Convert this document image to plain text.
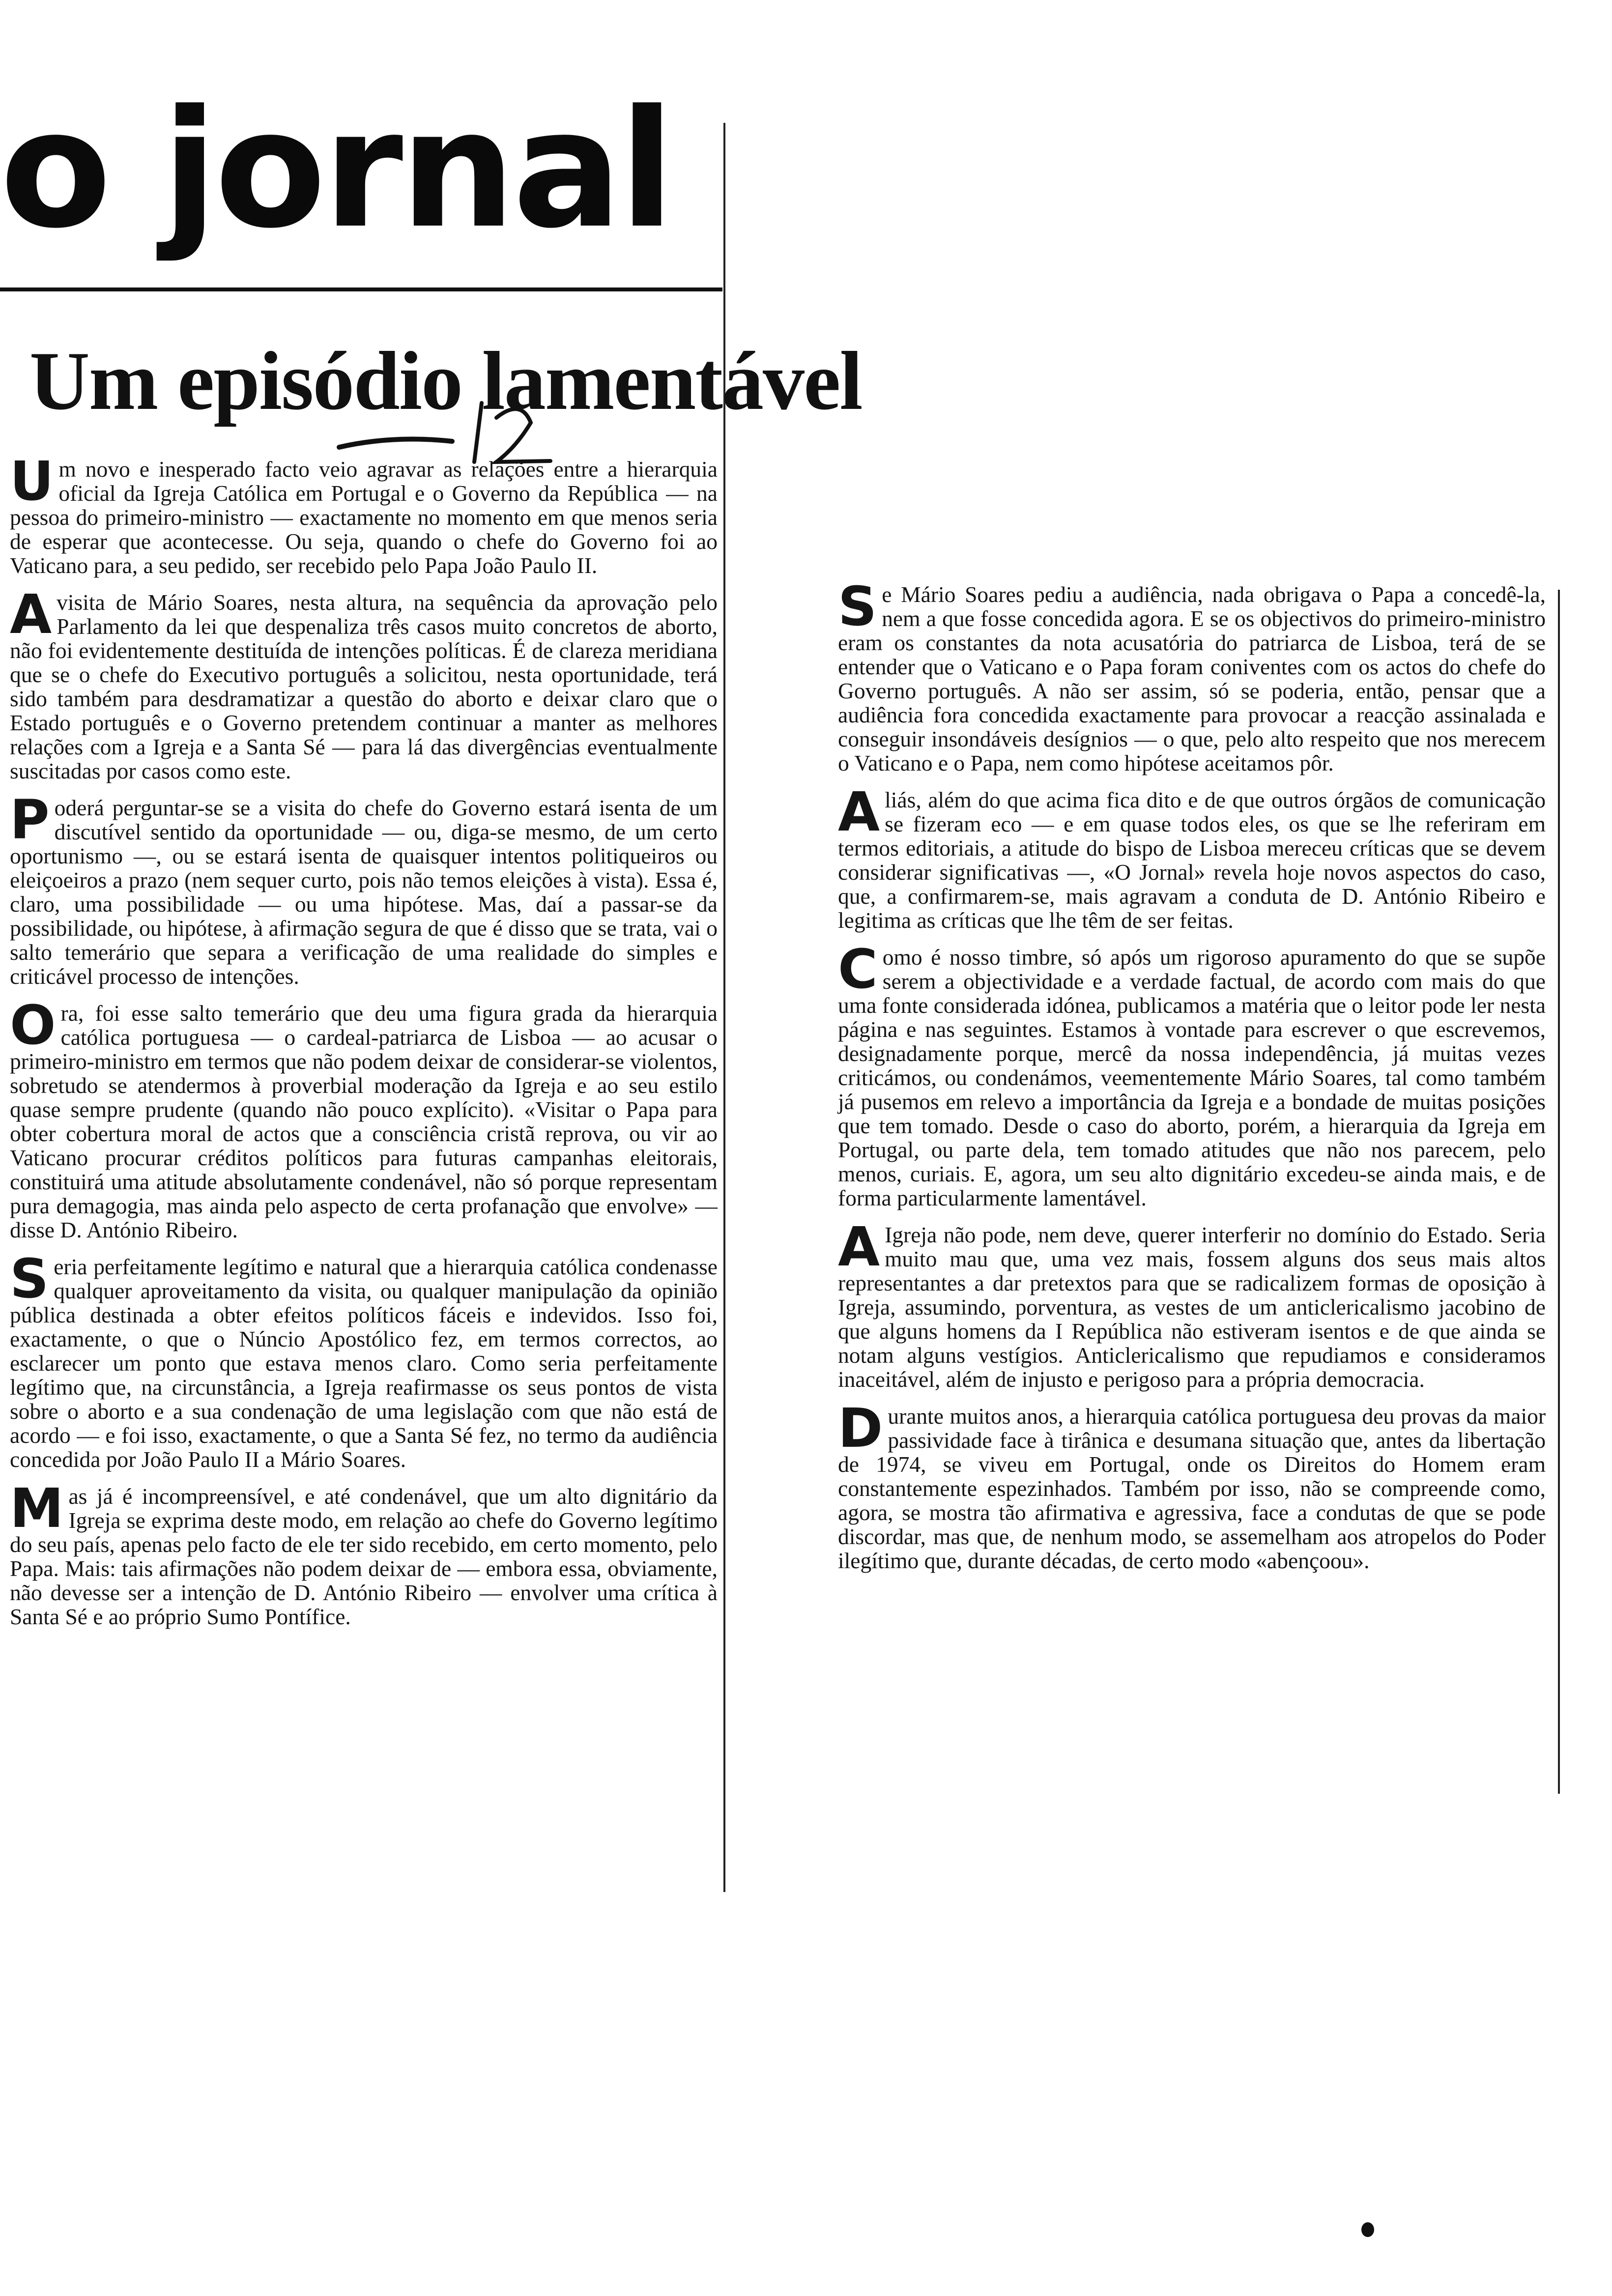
o jornal
Um episódio lamentável

Um novo e inesperado facto veio agravar as relações entre a hierarquia oficial da Igreja Católica em Portugal e o Governo da República — na pessoa do primeiro-ministro — exactamente no momento em que menos seria de esperar que acontecesse. Ou seja, quando o chefe do Governo foi ao Vaticano para, a seu pedido, ser recebido pelo Papa João Paulo II.

A visita de Mário Soares, nesta altura, na sequência da aprovação pelo Parlamento da lei que despenaliza três casos muito concretos de aborto, não foi evidentemente destituída de intenções políticas. É de clareza meridiana que se o chefe do Executivo português a solicitou, nesta oportunidade, terá sido também para desdramatizar a questão do aborto e deixar claro que o Estado português e o Governo pretendem continuar a manter as melhores relações com a Igreja e a Santa Sé — para lá das divergências eventualmente suscitadas por casos como este.

Poderá perguntar-se se a visita do chefe do Governo estará isenta de um discutível sentido da oportunidade — ou, diga-se mesmo, de um certo oportunismo —, ou se estará isenta de quaisquer intentos politiqueiros ou eleiçoeiros a prazo (nem sequer curto, pois não temos eleições à vista). Essa é, claro, uma possibilidade — ou uma hipótese. Mas, daí a passar-se da possibilidade, ou hipótese, à afirmação segura de que é disso que se trata, vai o salto temerário que separa a verificação de uma realidade do simples e criticável processo de intenções.

Ora, foi esse salto temerário que deu uma figura grada da hierarquia católica portuguesa — o cardeal-patriarca de Lisboa — ao acusar o primeiro-ministro em termos que não podem deixar de considerar-se violentos, sobretudo se atendermos à proverbial moderação da Igreja e ao seu estilo quase sempre prudente (quando não pouco explícito). «Visitar o Papa para obter cobertura moral de actos que a consciência cristã reprova, ou vir ao Vaticano procurar créditos políticos para futuras campanhas eleitorais, constituirá uma atitude absolutamente condenável, não só porque representam pura demagogia, mas ainda pelo aspecto de certa profanação que envolve» — disse D. António Ribeiro.

Seria perfeitamente legítimo e natural que a hierarquia católica condenasse qualquer aproveitamento da visita, ou qualquer manipulação da opinião pública destinada a obter efeitos políticos fáceis e indevidos. Isso foi, exactamente, o que o Núncio Apostólico fez, em termos correctos, ao esclarecer um ponto que estava menos claro. Como seria perfeitamente legítimo que, na circunstância, a Igreja reafirmasse os seus pontos de vista sobre o aborto e a sua condenação de uma legislação com que não está de acordo — e foi isso, exactamente, o que a Santa Sé fez, no termo da audiência concedida por João Paulo II a Mário Soares.

Mas já é incompreensível, e até condenável, que um alto dignitário da Igreja se exprima deste modo, em relação ao chefe do Governo legítimo do seu país, apenas pelo facto de ele ter sido recebido, em certo momento, pelo Papa. Mais: tais afirmações não podem deixar de — embora essa, obviamente, não devesse ser a intenção de D. António Ribeiro — envolver uma crítica à Santa Sé e ao próprio Sumo Pontífice.

Se Mário Soares pediu a audiência, nada obrigava o Papa a concedê-la, nem a que fosse concedida agora. E se os objectivos do primeiro-ministro eram os constantes da nota acusatória do patriarca de Lisboa, terá de se entender que o Vaticano e o Papa foram coniventes com os actos do chefe do Governo português. A não ser assim, só se poderia, então, pensar que a audiência fora concedida exactamente para provocar a reacção assinalada e conseguir insondáveis desígnios — o que, pelo alto respeito que nos merecem o Vaticano e o Papa, nem como hipótese aceitamos pôr.

Aliás, além do que acima fica dito e de que outros órgãos de comunicação se fizeram eco — e em quase todos eles, os que se lhe referiram em termos editoriais, a atitude do bispo de Lisboa mereceu críticas que se devem considerar significativas —, «O Jornal» revela hoje novos aspectos do caso, que, a confirmarem-se, mais agravam a conduta de D. António Ribeiro e legitima as críticas que lhe têm de ser feitas.

Como é nosso timbre, só após um rigoroso apuramento do que se supõe serem a objectividade e a verdade factual, de acordo com mais do que uma fonte considerada idónea, publicamos a matéria que o leitor pode ler nesta página e nas seguintes. Estamos à vontade para escrever o que escrevemos, designadamente porque, mercê da nossa independência, já muitas vezes criticámos, ou condenámos, veementemente Mário Soares, tal como também já pusemos em relevo a importância da Igreja e a bondade de muitas posições que tem tomado. Desde o caso do aborto, porém, a hierarquia da Igreja em Portugal, ou parte dela, tem tomado atitudes que não nos parecem, pelo menos, curiais. E, agora, um seu alto dignitário excedeu-se ainda mais, e de forma particularmente lamentável.

A Igreja não pode, nem deve, querer interferir no domínio do Estado. Seria muito mau que, uma vez mais, fossem alguns dos seus mais altos representantes a dar pretextos para que se radicalizem formas de oposição à Igreja, assumindo, porventura, as vestes de um anticlericalismo jacobino de que alguns homens da I República não estiveram isentos e de que ainda se notam alguns vestígios. Anticlericalismo que repudiamos e consideramos inaceitável, além de injusto e perigoso para a própria democracia.

Durante muitos anos, a hierarquia católica portuguesa deu provas da maior passividade face à tirânica e desumana situação que, antes da libertação de 1974, se viveu em Portugal, onde os Direitos do Homem eram constantemente espezinhados. Também por isso, não se compreende como, agora, se mostra tão afirmativa e agressiva, face a condutas de que se pode discordar, mas que, de nenhum modo, se assemelham aos atropelos do Poder ilegítimo que, durante décadas, de certo modo «abençoou».
